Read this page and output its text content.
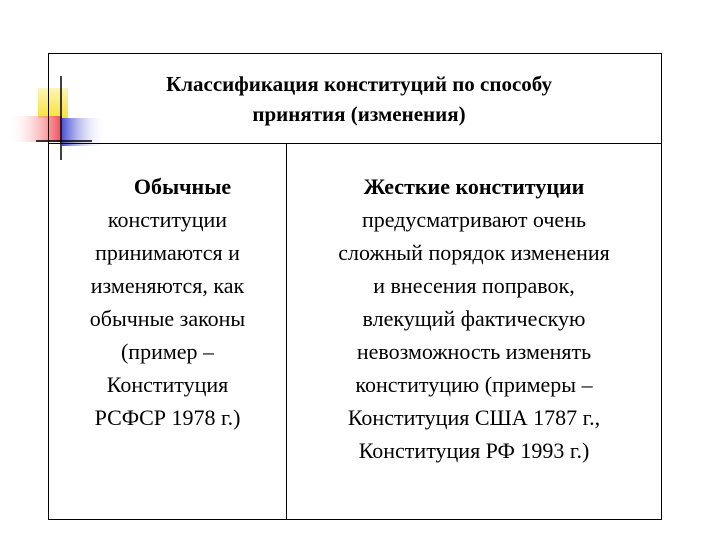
Классификация конституций по способу
принятия (изменения)
Обычные
конституции
принимаются и
изменяются, как
обычные законы
(пример –
Конституция
РСФСР 1978 г.)
Жесткие конституции
предусматривают очень
сложный порядок изменения
и внесения поправок,
влекущий фактическую
невозможность изменять
конституцию (примеры –
Конституция США 1787 г.,
Конституция РФ 1993 г.)
